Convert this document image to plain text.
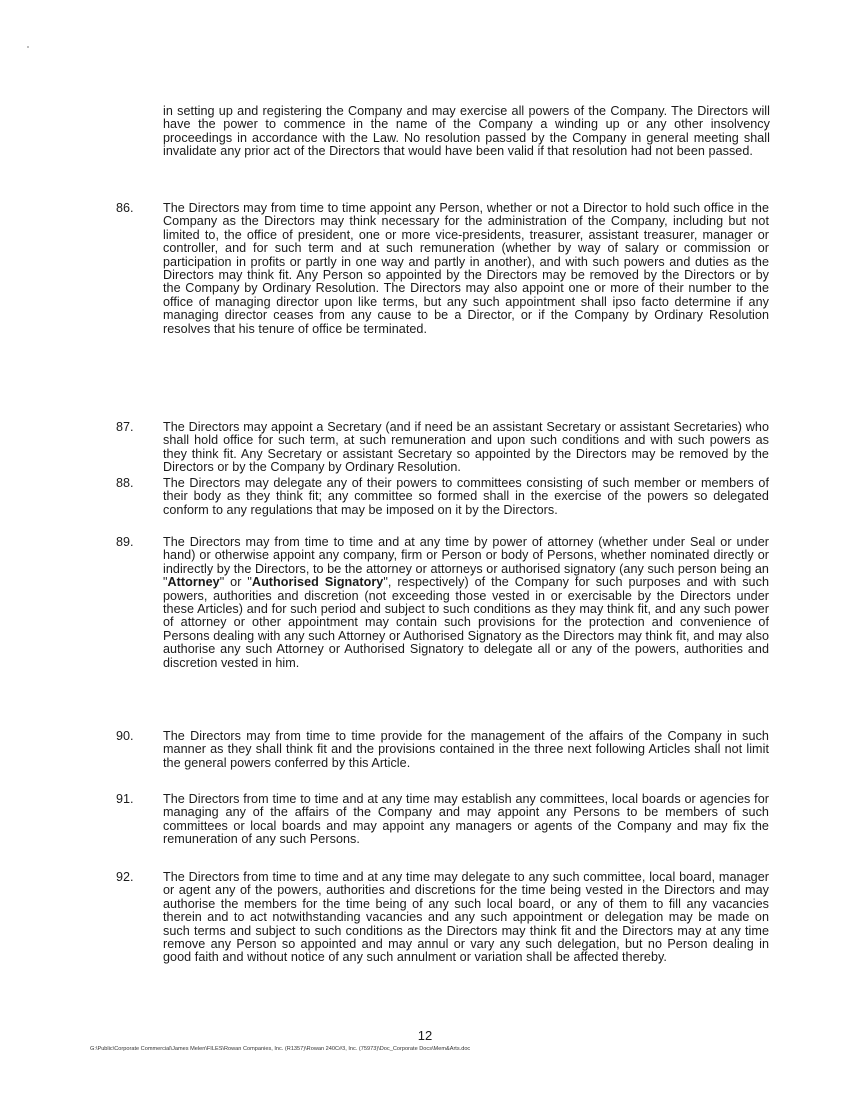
in setting up and registering the Company and may exercise all powers of the Company. The Directors will have the power to commence in the name of the Company a winding up or any other insolvency proceedings in accordance with the Law. No resolution passed by the Company in general meeting shall invalidate any prior act of the Directors that would have been valid if that resolution had not been passed.

86. The Directors may from time to time appoint any Person, whether or not a Director to hold such office in the Company as the Directors may think necessary for the administration of the Company, including but not limited to, the office of president, one or more vice-presidents, treasurer, assistant treasurer, manager or controller, and for such term and at such remuneration (whether by way of salary or commission or participation in profits or partly in one way and partly in another), and with such powers and duties as the Directors may think fit. Any Person so appointed by the Directors may be removed by the Directors or by the Company by Ordinary Resolution. The Directors may also appoint one or more of their number to the office of managing director upon like terms, but any such appointment shall ipso facto determine if any managing director ceases from any cause to be a Director, or if the Company by Ordinary Resolution resolves that his tenure of office be terminated.

87. The Directors may appoint a Secretary (and if need be an assistant Secretary or assistant Secretaries) who shall hold office for such term, at such remuneration and upon such conditions and with such powers as they think fit. Any Secretary or assistant Secretary so appointed by the Directors may be removed by the Directors or by the Company by Ordinary Resolution.

88. The Directors may delegate any of their powers to committees consisting of such member or members of their body as they think fit; any committee so formed shall in the exercise of the powers so delegated conform to any regulations that may be imposed on it by the Directors.

89. The Directors may from time to time and at any time by power of attorney (whether under Seal or under hand) or otherwise appoint any company, firm or Person or body of Persons, whether nominated directly or indirectly by the Directors, to be the attorney or attorneys or authorised signatory (any such person being an "Attorney" or "Authorised Signatory", respectively) of the Company for such purposes and with such powers, authorities and discretion (not exceeding those vested in or exercisable by the Directors under these Articles) and for such period and subject to such conditions as they may think fit, and any such power of attorney or other appointment may contain such provisions for the protection and convenience of Persons dealing with any such Attorney or Authorised Signatory as the Directors may think fit, and may also authorise any such Attorney or Authorised Signatory to delegate all or any of the powers, authorities and discretion vested in him.

90. The Directors may from time to time provide for the management of the affairs of the Company in such manner as they shall think fit and the provisions contained in the three next following Articles shall not limit the general powers conferred by this Article.

91. The Directors from time to time and at any time may establish any committees, local boards or agencies for managing any of the affairs of the Company and may appoint any Persons to be members of such committees or local boards and may appoint any managers or agents of the Company and may fix the remuneration of any such Persons.

92. The Directors from time to time and at any time may delegate to any such committee, local board, manager or agent any of the powers, authorities and discretions for the time being vested in the Directors and may authorise the members for the time being of any such local board, or any of them to fill any vacancies therein and to act notwithstanding vacancies and any such appointment or delegation may be made on such terms and subject to such conditions as the Directors may think fit and the Directors may at any time remove any Person so appointed and may annul or vary any such delegation, but no Person dealing in good faith and without notice of any such annulment or variation shall be affected thereby.

12
G:\Public\Corporate Commercial\James Melen\FILES\Rowan Companies, Inc. (R1357)\Rowan 240C#3, Inc. (75973)\Doc_Corporate Docs\Mem&Arts.doc
